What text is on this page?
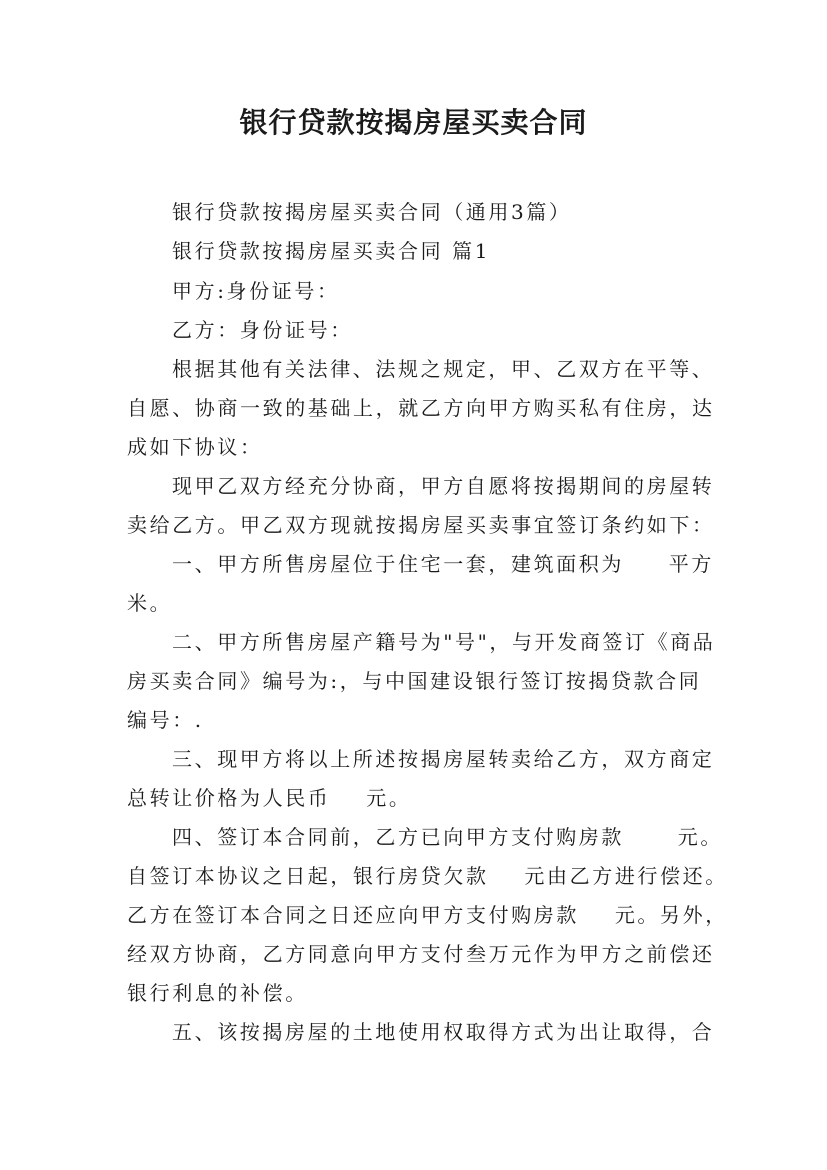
银行贷款按揭房屋买卖合同
银行贷款按揭房屋买卖合同（通用3篇）
银行贷款按揭房屋买卖合同 篇1
甲方:身份证号：
乙方：身份证号：
根据其他有关法律、法规之规定，甲、乙双方在平等、
自愿、协商一致的基础上，就乙方向甲方购买私有住房，达
成如下协议：
现甲乙双方经充分协商，甲方自愿将按揭期间的房屋转
卖给乙方。甲乙双方现就按揭房屋买卖事宜签订条约如下：
一、甲方所售房屋位于住宅一套，建筑面积为     平方
米。
二、甲方所售房屋产籍号为"号"，与开发商签订《商品
房买卖合同》编号为:，与中国建设银行签订按揭贷款合同
编号：.
三、现甲方将以上所述按揭房屋转卖给乙方，双方商定
总转让价格为人民币    元。
四、签订本合同前，乙方已向甲方支付购房款      元。
自签订本协议之日起，银行房贷欠款    元由乙方进行偿还。
乙方在签订本合同之日还应向甲方支付购房款    元。另外，
经双方协商，乙方同意向甲方支付叁万元作为甲方之前偿还
银行利息的补偿。
五、该按揭房屋的土地使用权取得方式为出让取得，合
